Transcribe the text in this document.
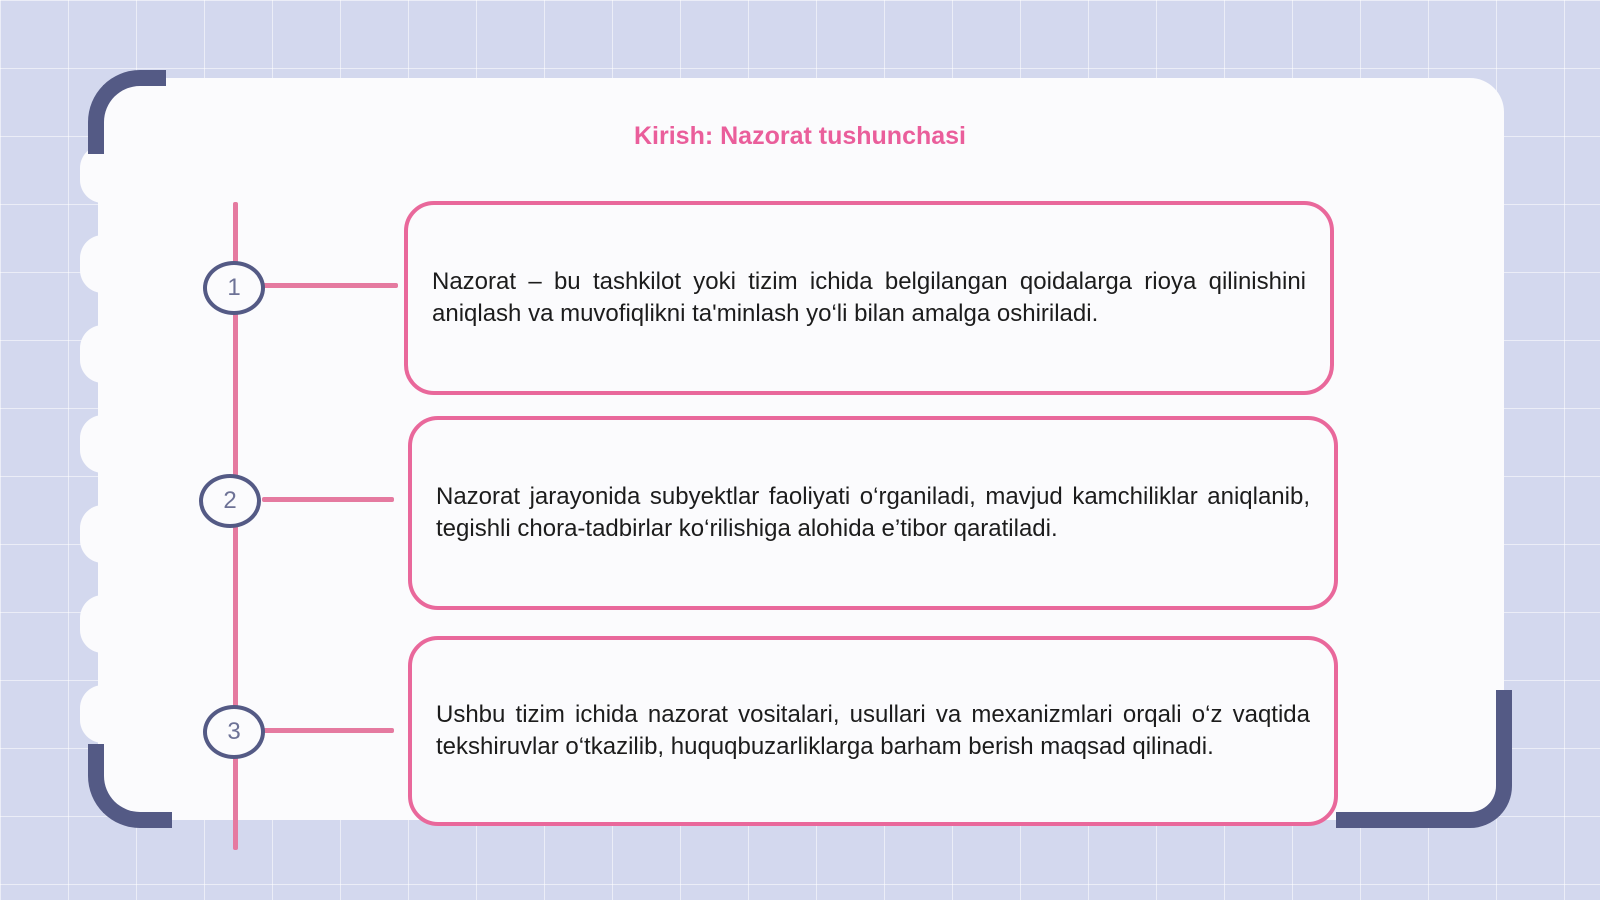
Kirish: Nazorat tushunchasi
1	Nazorat – bu tashkilot yoki tizim ichida belgilangan qoidalarga rioya qilinishini aniqlash va muvofiqlikni ta'minlash yo‘li bilan amalga oshiriladi.

2	Nazorat jarayonida subyektlar faoliyati o‘rganiladi, mavjud kamchiliklar aniqlanib, tegishli chora-tadbirlar ko‘rilishiga alohida e’tibor qaratiladi.

3

Ushbu tizim ichida nazorat vositalari, usullari va mexanizmlari orqali o‘z vaqtida tekshiruvlar o‘tkazilib, huquqbuzarliklarga barham berish maqsad qilinadi.
